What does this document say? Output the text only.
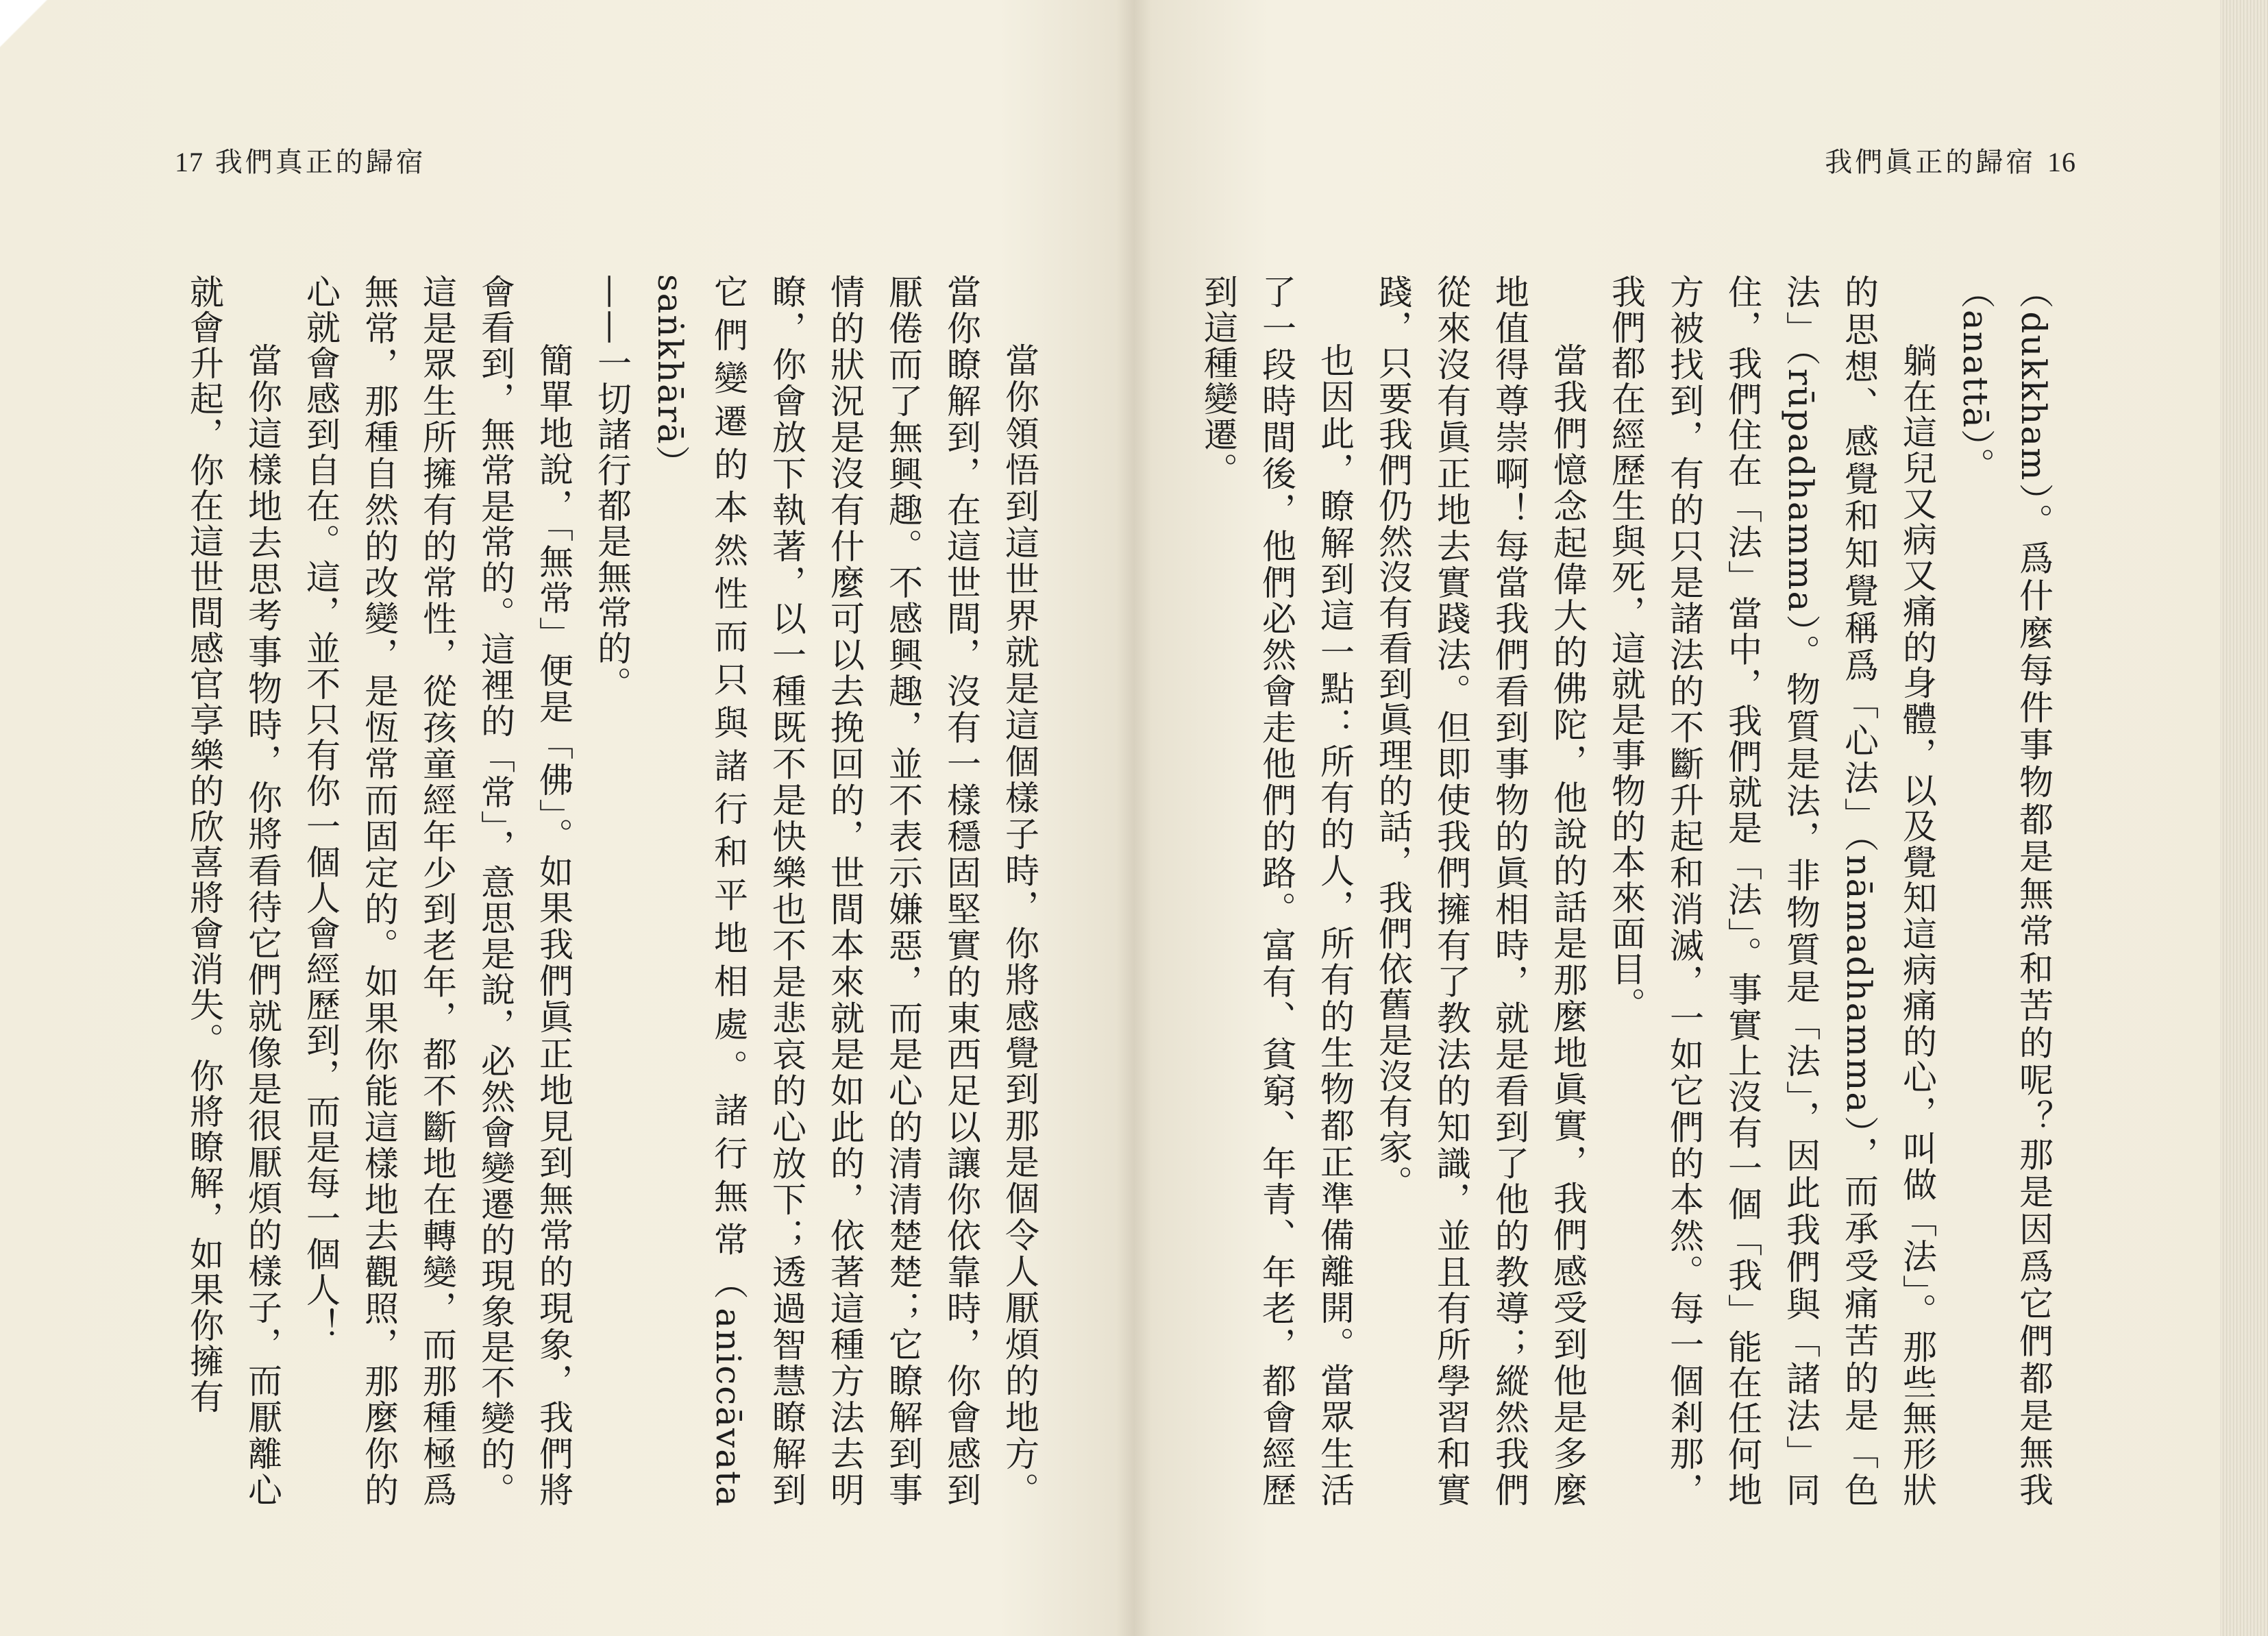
17 我們真正的歸宿	我們眞正的歸宿 16

（dukkham）。爲什麼每件事物都是無常和苦的呢？那是因爲它們都是無我（anattā）。

躺在這兒又病又痛的身體，以及覺知這病痛的心，叫做「法」。那些無形狀的思想、感覺和知覺稱爲「心法」（nāmadhamma），而承受痛苦的是「色法」（rūpadhamma）。物質是法，非物質是「法」，因此我們與「諸法」同住，我們住在「法」當中，我們就是「法」。事實上沒有一個「我」能在任何地方被找到，有的只是諸法的不斷升起和消滅，一如它們的本然。每一個剎那，我們都在經歷生與死，這就是事物的本來面目。

當我們憶念起偉大的佛陀，他說的話是那麼地眞實，我們感受到他是多麼地值得尊崇啊！每當我們看到事物的眞相時，就是看到了他的教導；縱然我們從來沒有眞正地去實踐法。但即使我們擁有了教法的知識，並且有所學習和實踐，只要我們仍然沒有看到眞理的話，我們依舊是沒有家。

也因此，瞭解到這一點：所有的人，所有的生物都正準備離開。當眾生活了一段時間後，他們必然會走他們的路。富有、貧窮、年青、年老，都會經歷到這種變遷。

當你領悟到這世界就是這個樣子時，你將感覺到那是個令人厭煩的地方。當你瞭解到，在這世間，沒有一樣穩固堅實的東西足以讓你依靠時，你會感到厭倦而了無興趣。不感興趣，並不表示嫌惡，而是心的清清楚楚；它瞭解到事情的狀況是沒有什麼可以去挽回的，世間本來就是如此的，依著這種方法去明瞭，你會放下執著，以一種既不是快樂也不是悲哀的心放下；透過智慧瞭解到它們變遷的本然性而只與諸行和平地相處。諸行無常（aniccāvata saṅkhārā）

——一切諸行都是無常的。

簡單地說，「無常」便是「佛」。如果我們眞正地見到無常的現象，我們將會看到，無常是常的。這裡的「常」，意思是說，必然會變遷的現象是不變的。這是眾生所擁有的常性，從孩童經年少到老年，都不斷地在轉變，而那種極爲無常，那種自然的改變，是恆常而固定的。如果你能這樣地去觀照，那麼你的心就會感到自在。這，並不只有你一個人會經歷到，而是每一個人！

當你這樣地去思考事物時，你將看待它們就像是很厭煩的樣子，而厭離心就會升起，你在這世間感官享樂的欣喜將會消失。你將瞭解，如果你擁有
